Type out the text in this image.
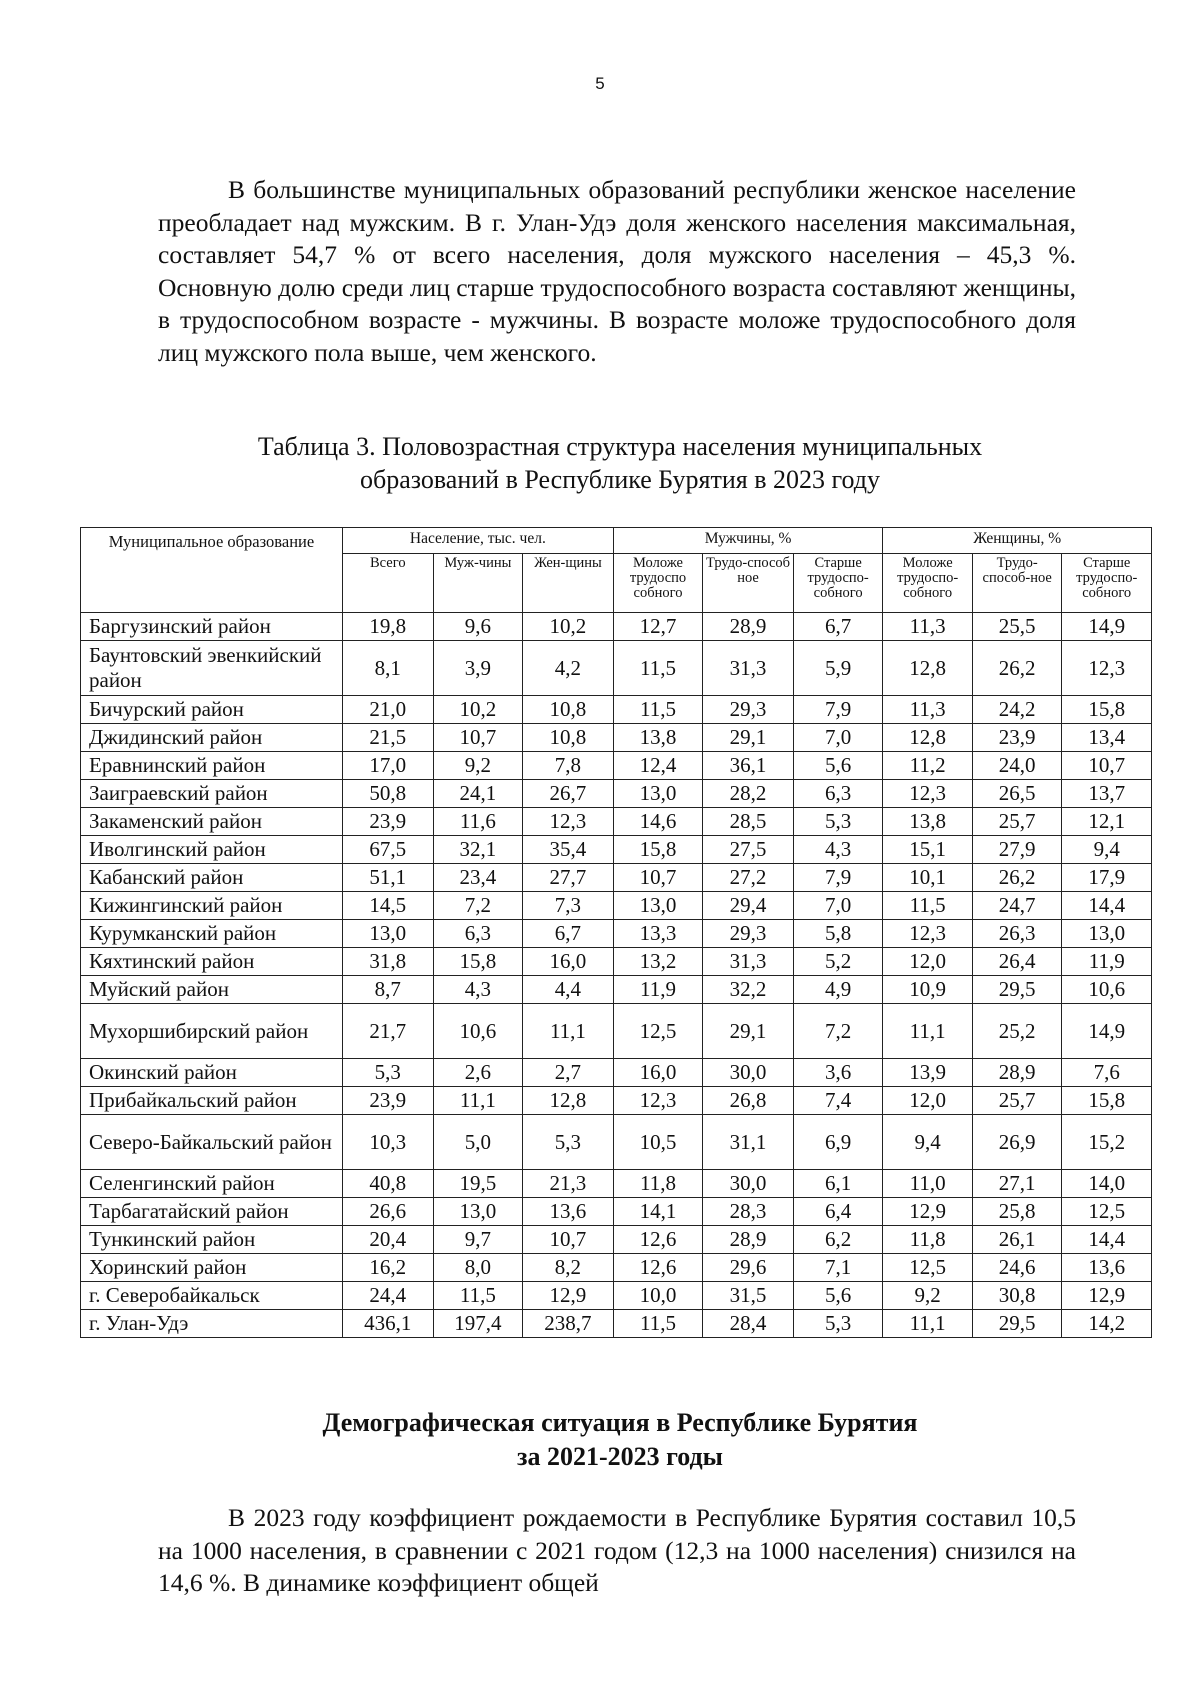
5

В большинстве муниципальных образований республики женское население преобладает над мужским. В г. Улан-Удэ доля женского населения максимальная, составляет 54,7 % от всего населения, доля мужского населения – 45,3 %. Основную долю среди лиц старше трудоспособного возраста составляют женщины, в трудоспособном возрасте - мужчины. В возрасте моложе трудоспособного доля лиц мужского пола выше, чем женского.

Таблица 3. Половозрастная структура населения муниципальных
образований в Республике Бурятия в 2023 году
Муниципальное образование	Население, тыс. чел.			Мужчины, %			Женщины, %		
	Всего	Муж-чины	Жен-щины	Моложе трудоспо собного	Трудо-способ ное	Старше трудоспо-собного	Моложе трудоспо-собного	Трудо-способ-ное	Старше трудоспо-собного
Баргузинский район	19,8	9,6	10,2	12,7	28,9	6,7	11,3	25,5	14,9
Баунтовский эвенкийский район	8,1	3,9	4,2	11,5	31,3	5,9	12,8	26,2	12,3
Бичурский район	21,0	10,2	10,8	11,5	29,3	7,9	11,3	24,2	15,8
Джидинский район	21,5	10,7	10,8	13,8	29,1	7,0	12,8	23,9	13,4
Еравнинский район	17,0	9,2	7,8	12,4	36,1	5,6	11,2	24,0	10,7
Заиграевский район	50,8	24,1	26,7	13,0	28,2	6,3	12,3	26,5	13,7
Закаменский район	23,9	11,6	12,3	14,6	28,5	5,3	13,8	25,7	12,1
Иволгинский район	67,5	32,1	35,4	15,8	27,5	4,3	15,1	27,9	9,4
Кабанский район	51,1	23,4	27,7	10,7	27,2	7,9	10,1	26,2	17,9
Кижингинский район	14,5	7,2	7,3	13,0	29,4	7,0	11,5	24,7	14,4
Курумканский район	13,0	6,3	6,7	13,3	29,3	5,8	12,3	26,3	13,0
Кяхтинский район	31,8	15,8	16,0	13,2	31,3	5,2	12,0	26,4	11,9
Муйский район	8,7	4,3	4,4	11,9	32,2	4,9	10,9	29,5	10,6
Мухоршибирский район	21,7	10,6	11,1	12,5	29,1	7,2	11,1	25,2	14,9
Окинский район	5,3	2,6	2,7	16,0	30,0	3,6	13,9	28,9	7,6
Прибайкальский район	23,9	11,1	12,8	12,3	26,8	7,4	12,0	25,7	15,8
Северо-Байкальский район	10,3	5,0	5,3	10,5	31,1	6,9	9,4	26,9	15,2
Селенгинский район	40,8	19,5	21,3	11,8	30,0	6,1	11,0	27,1	14,0
Тарбагатайский район	26,6	13,0	13,6	14,1	28,3	6,4	12,9	25,8	12,5
Тункинский район	20,4	9,7	10,7	12,6	28,9	6,2	11,8	26,1	14,4
Хоринский район	16,2	8,0	8,2	12,6	29,6	7,1	12,5	24,6	13,6
г. Северобайкальск	24,4	11,5	12,9	10,0	31,5	5,6	9,2	30,8	12,9
г. Улан-Удэ	436,1	197,4	238,7	11,5	28,4	5,3	11,1	29,5	14,2
Демографическая ситуация в Республике Бурятия
за 2021-2023 годы

В 2023 году коэффициент рождаемости в Республике Бурятия составил 10,5 на 1000 населения, в сравнении с 2021 годом (12,3 на 1000 населения) снизился на 14,6 %. В динамике коэффициент общей
